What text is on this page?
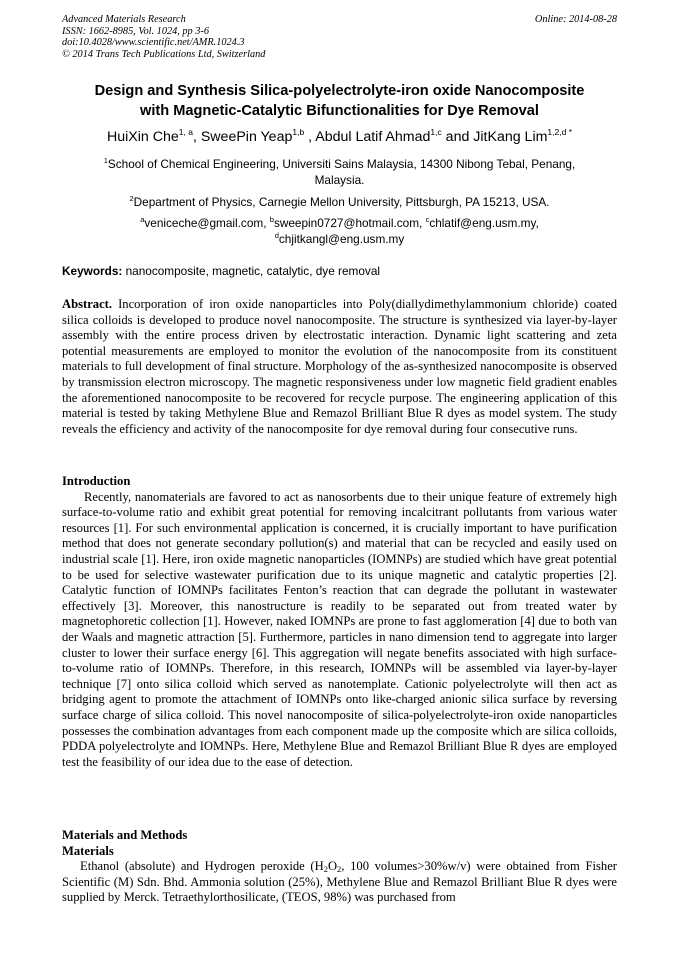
Advanced Materials Research
ISSN: 1662-8985, Vol. 1024, pp 3-6
doi:10.4028/www.scientific.net/AMR.1024.3
© 2014 Trans Tech Publications Ltd, Switzerland
Online: 2014-08-28
Design and Synthesis Silica-polyelectrolyte-iron oxide Nanocomposite
with Magnetic-Catalytic Bifunctionalities for Dye Removal
HuiXin Che$^{1, a}$, SweePin Yeap$^{1,b}$ , Abdul Latif Ahmad$^{1,c}$ and JitKang Lim$^{1,2,d *}$
$^1$School of Chemical Engineering, Universiti Sains Malaysia, 14300 Nibong Tebal, Penang, Malaysia.
$^2$Department of Physics, Carnegie Mellon University, Pittsburgh, PA 15213, USA.
$^a$veniceche@gmail.com, $^b$sweepin0727@hotmail.com, $^c$chlatif@eng.usm.my,
$^d$chjitkangl@eng.usm.my
Keywords: nanocomposite, magnetic, catalytic, dye removal
Abstract. Incorporation of iron oxide nanoparticles into Poly(diallydimethylammonium chloride) coated silica colloids is developed to produce novel nanocomposite. The structure is synthesized via layer-by-layer assembly with the entire process driven by electrostatic interaction. Dynamic light scattering and zeta potential measurements are employed to monitor the evolution of the nanocomposite from its constituent materials to full development of final structure. Morphology of the as-synthesized nanocomposite is observed by transmission electron microscopy. The magnetic responsiveness under low magnetic field gradient enables the aforementioned nanocomposite to be recovered for recycle purpose. The engineering application of this material is tested by taking Methylene Blue and Remazol Brilliant Blue R dyes as model system. The study reveals the efficiency and activity of the nanocomposite for dye removal during four consecutive runs.
Introduction
Recently, nanomaterials are favored to act as nanosorbents due to their unique feature of extremely high surface-to-volume ratio and exhibit great potential for removing incalcitrant pollutants from various water resources [1]. For such environmental application is concerned, it is crucially important to have purification method that does not generate secondary pollution(s) and material that can be recycled and easily used on industrial scale [1]. Here, iron oxide magnetic nanoparticles (IOMNPs) are studied which have great potential to be used for selective wastewater purification due to its unique magnetic and catalytic properties [2]. Catalytic function of IOMNPs facilitates Fenton’s reaction that can degrade the pollutant in wastewater effectively [3]. Moreover, this nanostructure is readily to be separated out from treated water by magnetophoretic collection [1]. However, naked IOMNPs are prone to fast agglomeration [4] due to both van der Waals and magnetic attraction [5]. Furthermore, particles in nano dimension tend to aggregate into larger cluster to lower their surface energy [6]. This aggregation will negate benefits associated with high surface-to-volume ratio of IOMNPs. Therefore, in this research, IOMNPs will be assembled via layer-by-layer technique [7] onto silica colloid which served as nanotemplate. Cationic polyelectrolyte will then act as bridging agent to promote the attachment of IOMNPs onto like-charged anionic silica surface by reversing surface charge of silica colloid. This novel nanocomposite of silica-polyelectrolyte-iron oxide nanoparticles possesses the combination advantages from each component made up the composite which are silica colloids, PDDA polyelectrolyte and IOMNPs. Here, Methylene Blue and Remazol Brilliant Blue R dyes are employed test the feasibility of our idea due to the ease of detection.
Materials and Methods
Materials
Ethanol (absolute) and Hydrogen peroxide ($H_2O_2$, 100 volumes>30%w/v) were obtained from Fisher Scientific (M) Sdn. Bhd. Ammonia solution (25%), Methylene Blue and Remazol Brilliant Blue R dyes were supplied by Merck. Tetraethylorthosilicate, (TEOS, 98%) was purchased from
